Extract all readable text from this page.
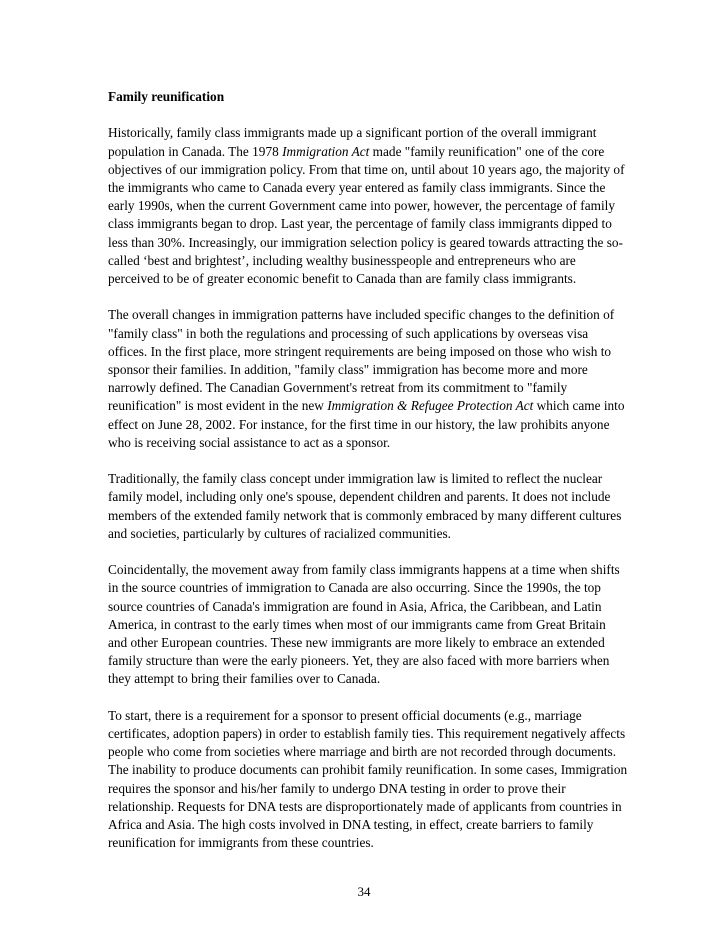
Family reunification

Historically, family class immigrants made up a significant portion of the overall immigrant population in Canada. The 1978 Immigration Act made "family reunification" one of the core objectives of our immigration policy. From that time on, until about 10 years ago, the majority of the immigrants who came to Canada every year entered as family class immigrants. Since the early 1990s, when the current Government came into power, however, the percentage of family class immigrants began to drop. Last year, the percentage of family class immigrants dipped to less than 30%. Increasingly, our immigration selection policy is geared towards attracting the so-called ‘best and brightest’, including wealthy businesspeople and entrepreneurs who are perceived to be of greater economic benefit to Canada than are family class immigrants.

The overall changes in immigration patterns have included specific changes to the definition of "family class" in both the regulations and processing of such applications by overseas visa offices. In the first place, more stringent requirements are being imposed on those who wish to sponsor their families. In addition, "family class" immigration has become more and more narrowly defined. The Canadian Government's retreat from its commitment to "family reunification" is most evident in the new Immigration & Refugee Protection Act which came into effect on June 28, 2002. For instance, for the first time in our history, the law prohibits anyone who is receiving social assistance to act as a sponsor.

Traditionally, the family class concept under immigration law is limited to reflect the nuclear family model, including only one's spouse, dependent children and parents. It does not include members of the extended family network that is commonly embraced by many different cultures and societies, particularly by cultures of racialized communities.

Coincidentally, the movement away from family class immigrants happens at a time when shifts in the source countries of immigration to Canada are also occurring. Since the 1990s, the top source countries of Canada's immigration are found in Asia, Africa, the Caribbean, and Latin America, in contrast to the early times when most of our immigrants came from Great Britain and other European countries. These new immigrants are more likely to embrace an extended family structure than were the early pioneers. Yet, they are also faced with more barriers when they attempt to bring their families over to Canada.

To start, there is a requirement for a sponsor to present official documents (e.g., marriage certificates, adoption papers) in order to establish family ties. This requirement negatively affects people who come from societies where marriage and birth are not recorded through documents. The inability to produce documents can prohibit family reunification. In some cases, Immigration requires the sponsor and his/her family to undergo DNA testing in order to prove their relationship. Requests for DNA tests are disproportionately made of applicants from countries in Africa and Asia. The high costs involved in DNA testing, in effect, create barriers to family reunification for immigrants from these countries.

34
